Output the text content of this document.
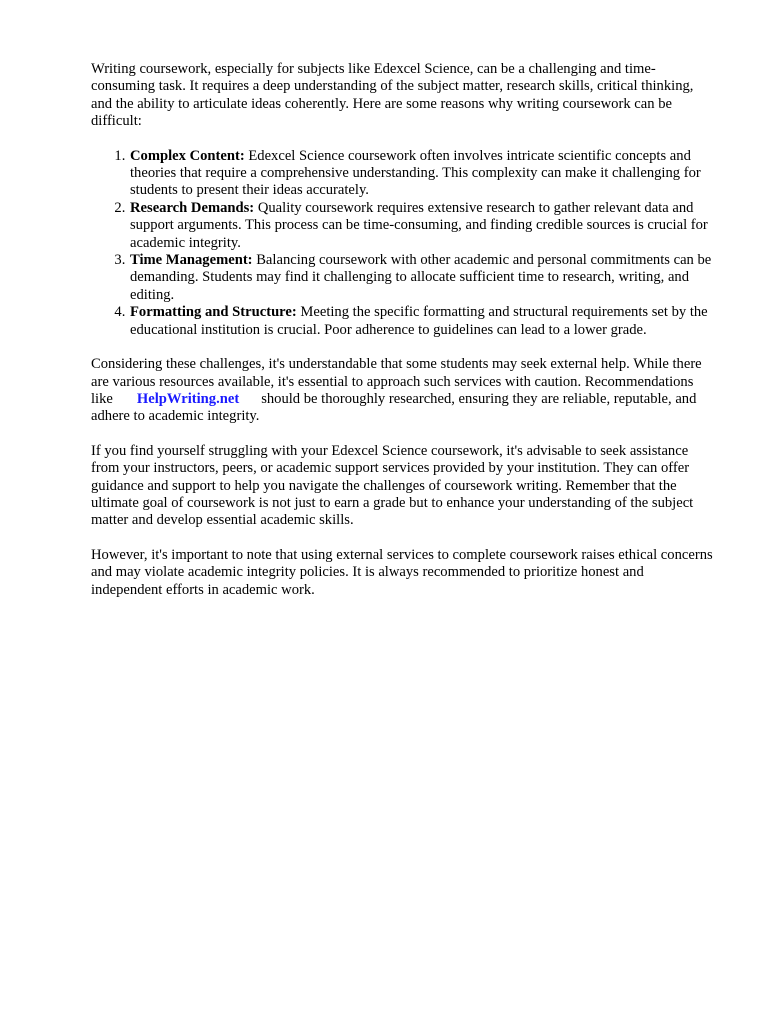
Writing coursework, especially for subjects like Edexcel Science, can be a challenging and time-consuming task. It requires a deep understanding of the subject matter, research skills, critical thinking, and the ability to articulate ideas coherently. Here are some reasons why writing coursework can be difficult:

1. Complex Content: Edexcel Science coursework often involves intricate scientific concepts and theories that require a comprehensive understanding. This complexity can make it challenging for students to present their ideas accurately.
2. Research Demands: Quality coursework requires extensive research to gather relevant data and support arguments. This process can be time-consuming, and finding credible sources is crucial for academic integrity.
3. Time Management: Balancing coursework with other academic and personal commitments can be demanding. Students may find it challenging to allocate sufficient time to research, writing, and editing.
4. Formatting and Structure: Meeting the specific formatting and structural requirements set by the educational institution is crucial. Poor adherence to guidelines can lead to a lower grade.

Considering these challenges, it's understandable that some students may seek external help. While there are various resources available, it's essential to approach such services with caution. Recommendations like HelpWriting.net should be thoroughly researched, ensuring they are reliable, reputable, and adhere to academic integrity.

If you find yourself struggling with your Edexcel Science coursework, it's advisable to seek assistance from your instructors, peers, or academic support services provided by your institution. They can offer guidance and support to help you navigate the challenges of coursework writing. Remember that the ultimate goal of coursework is not just to earn a grade but to enhance your understanding of the subject matter and develop essential academic skills.

However, it's important to note that using external services to complete coursework raises ethical concerns and may violate academic integrity policies. It is always recommended to prioritize honest and independent efforts in academic work.
